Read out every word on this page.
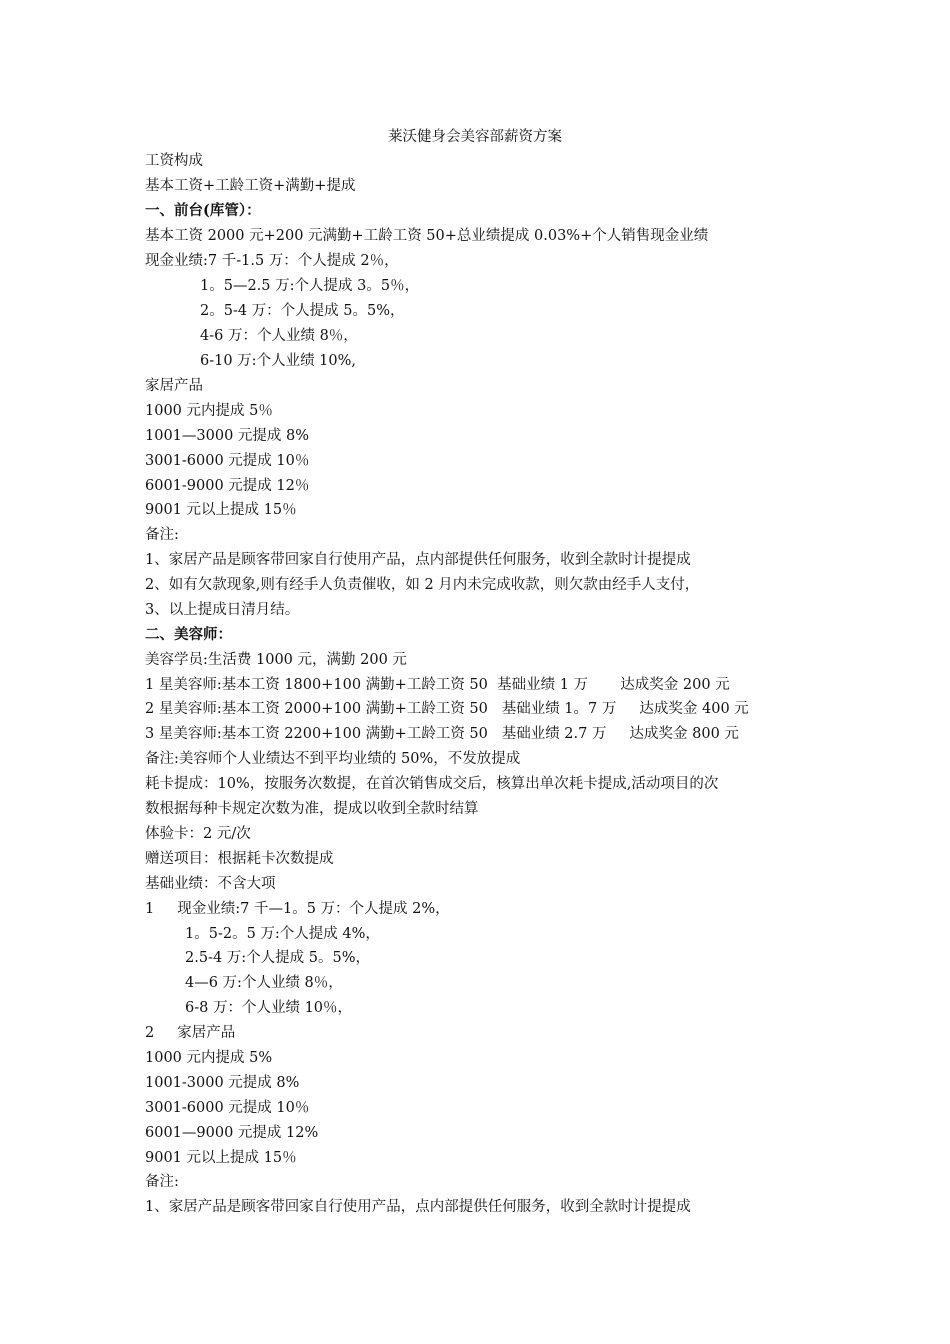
莱沃健身会美容部薪资方案
工资构成
基本工资+工龄工资+满勤+提成
一、前台(库管）：
基本工资 2000 元+200 元满勤+工龄工资 50+总业绩提成 0.03%+个人销售现金业绩
现金业绩:7 千-1.5 万：个人提成 2％，
1。5—2.5 万:个人提成 3。5％，
2。5-4 万：个人提成 5。5%，
4-6 万：个人业绩 8％，
6-10 万:个人业绩 10%,
家居产品
1000 元内提成 5％
1001—3000 元提成 8%
3001-6000 元提成 10％
6001-9000 元提成 12％
9001 元以上提成 15％
备注:
1、家居产品是顾客带回家自行使用产品，点内部提供任何服务，收到全款时计提提成
2、如有欠款现象,则有经手人负责催收，如 2 月内未完成收款，则欠款由经手人支付，
3、以上提成日清月结。
二、美容师：
美容学员:生活费 1000 元，满勤 200 元
1 星美容师:基本工资 1800+100 满勤+工龄工资 50  基础业绩 1 万       达成奖金 200 元
2 星美容师:基本工资 2000+100 满勤+工龄工资 50   基础业绩 1。7 万     达成奖金 400 元
3 星美容师:基本工资 2200+100 满勤+工龄工资 50   基础业绩 2.7 万     达成奖金 800 元
备注:美容师个人业绩达不到平均业绩的 50%，不发放提成
耗卡提成：10%，按服务次数提，在首次销售成交后，核算出单次耗卡提成,活动项目的次
数根据每种卡规定次数为准，提成以收到全款时结算
体验卡：2 元/次
赠送项目：根据耗卡次数提成
基础业绩：不含大项
1     现金业绩:7 千—1。5 万：个人提成 2%，
1。5-2。5 万:个人提成 4%，
2.5-4 万:个人提成 5。5%，
4—6 万:个人业绩 8％，
6-8 万：个人业绩 10％，
2     家居产品
1000 元内提成 5%
1001-3000 元提成 8%
3001-6000 元提成 10％
6001—9000 元提成 12%
9001 元以上提成 15％
备注:
1、家居产品是顾客带回家自行使用产品，点内部提供任何服务，收到全款时计提提成
